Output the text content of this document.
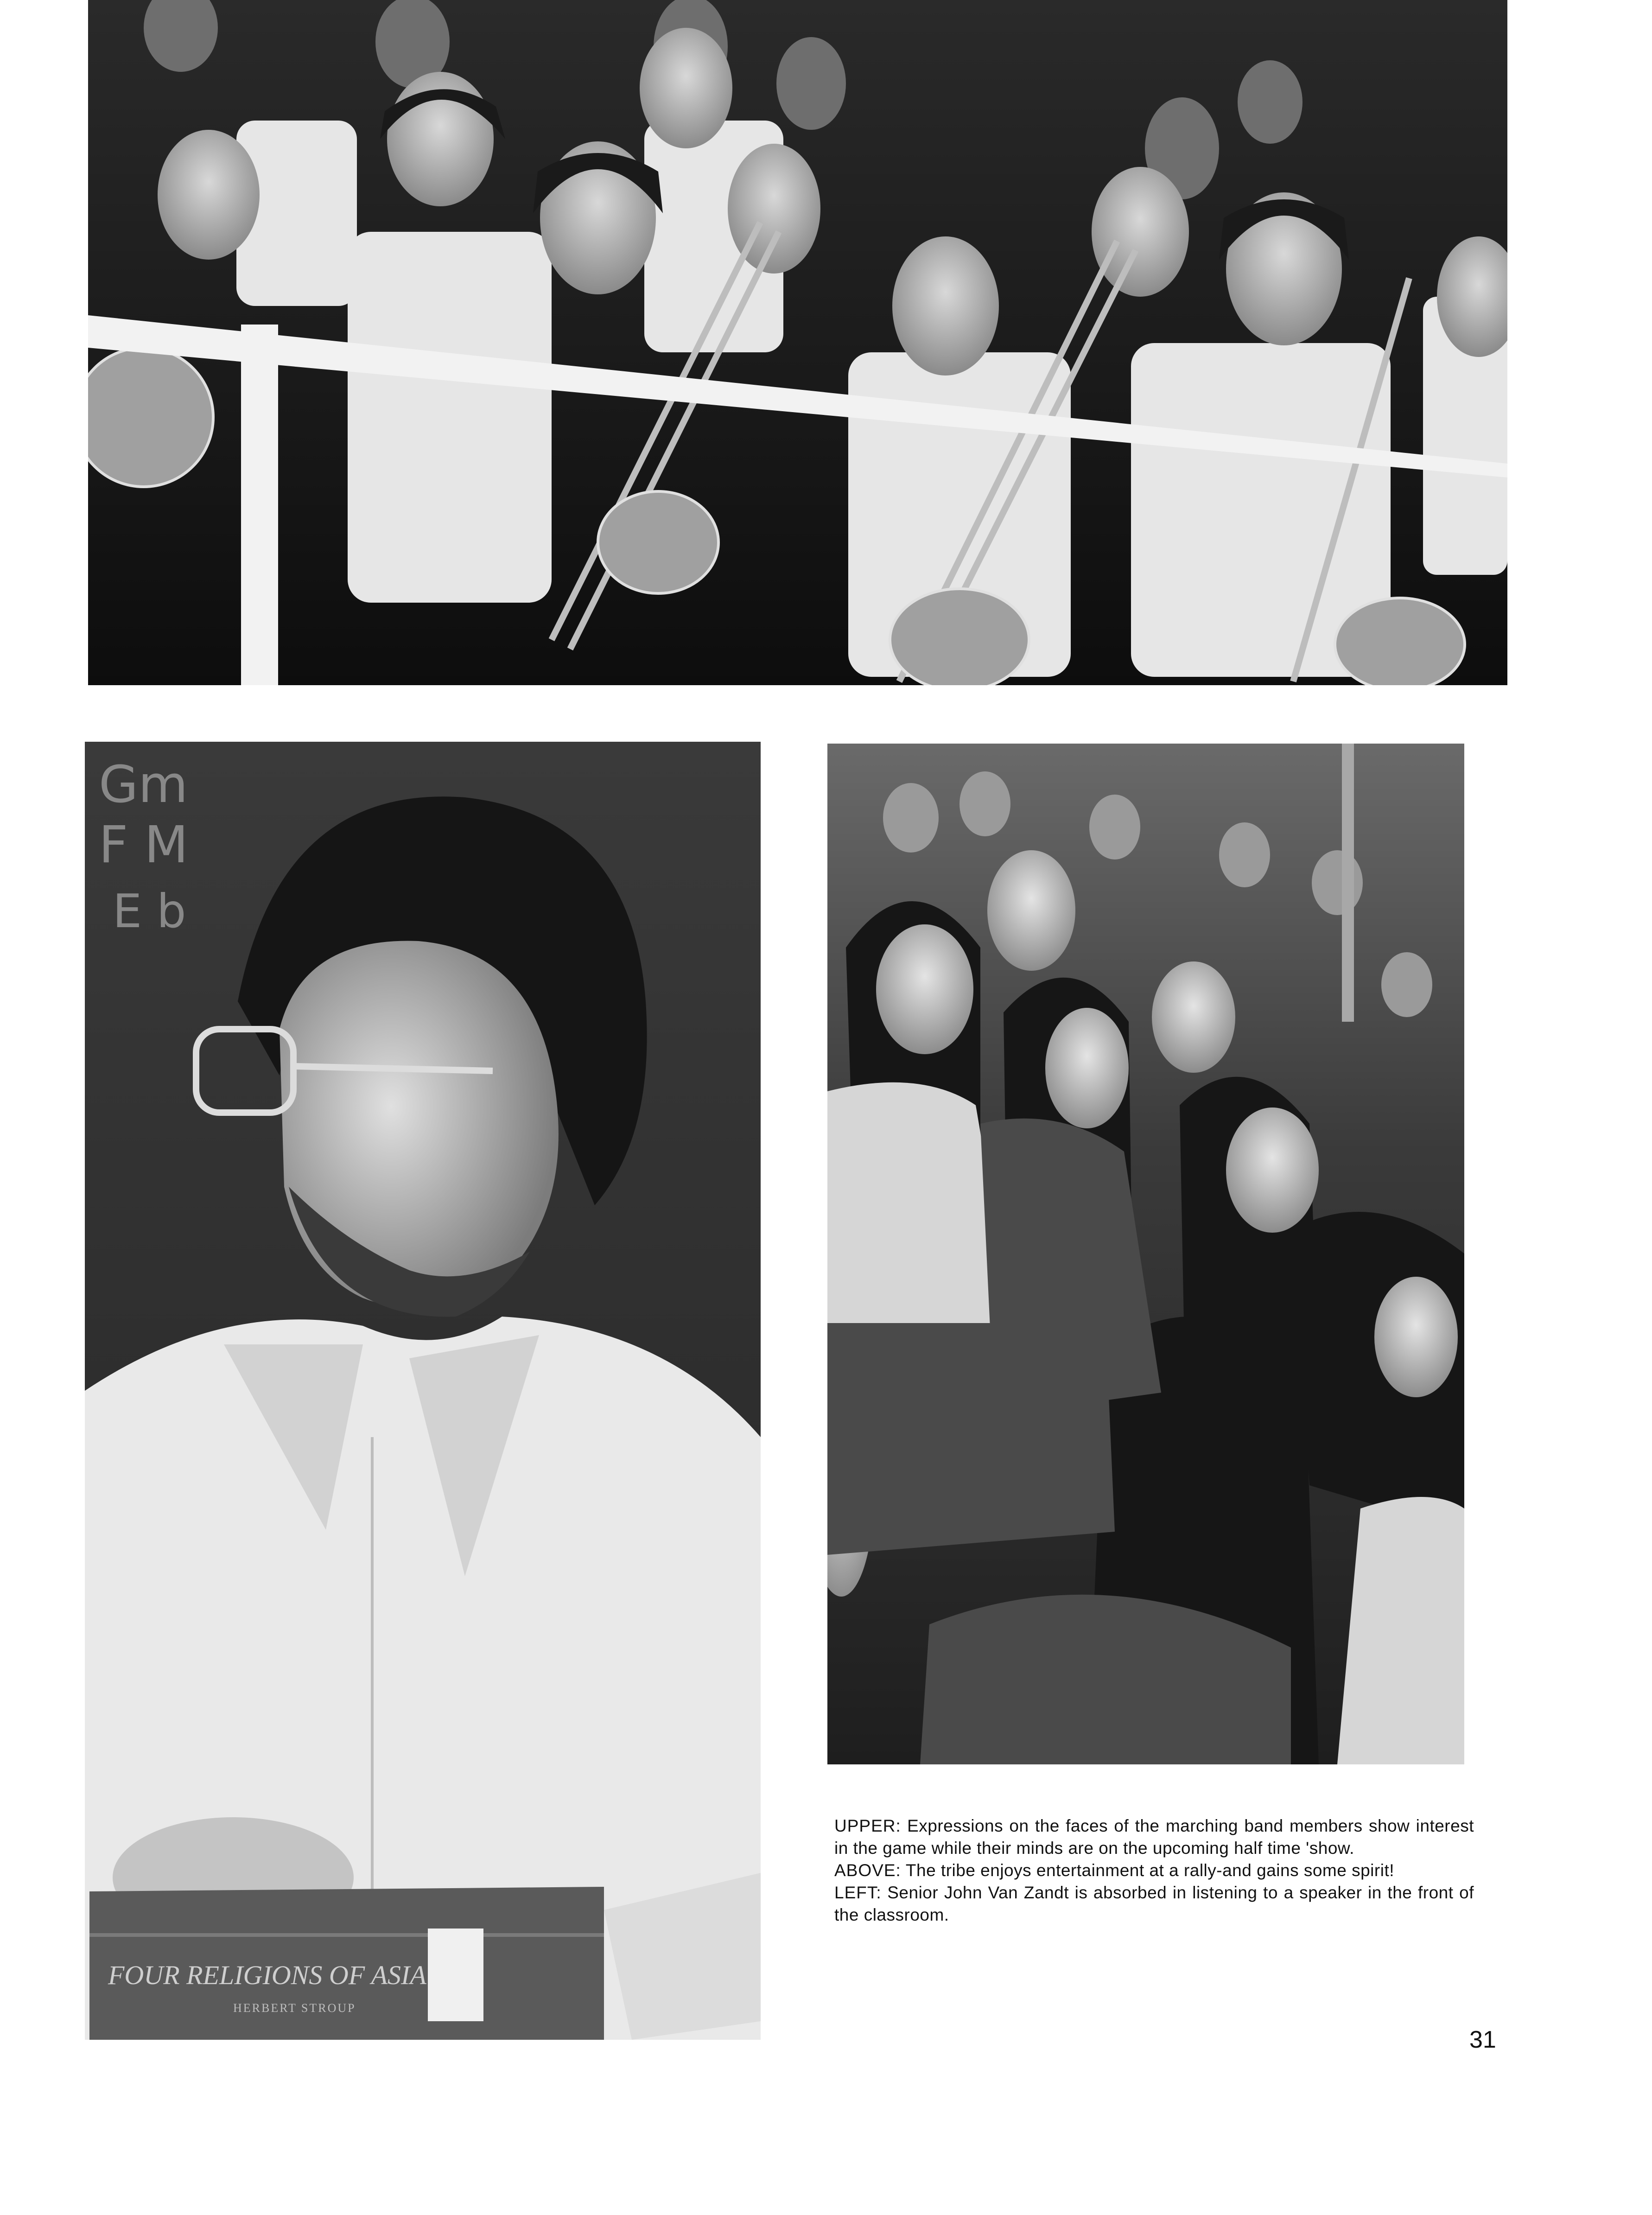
Gm
F M
E b
FOUR RELIGIONS OF ASIA
HERBERT STROUP

UPPER: Expressions on the faces of the marching band members show interest in the game while their minds are on the upcoming half time 'show.

ABOVE: The tribe enjoys entertainment at a rally-and gains some spirit!

LEFT: Senior John Van Zandt is absorbed in listening to a speaker in the front of the classroom.

31
